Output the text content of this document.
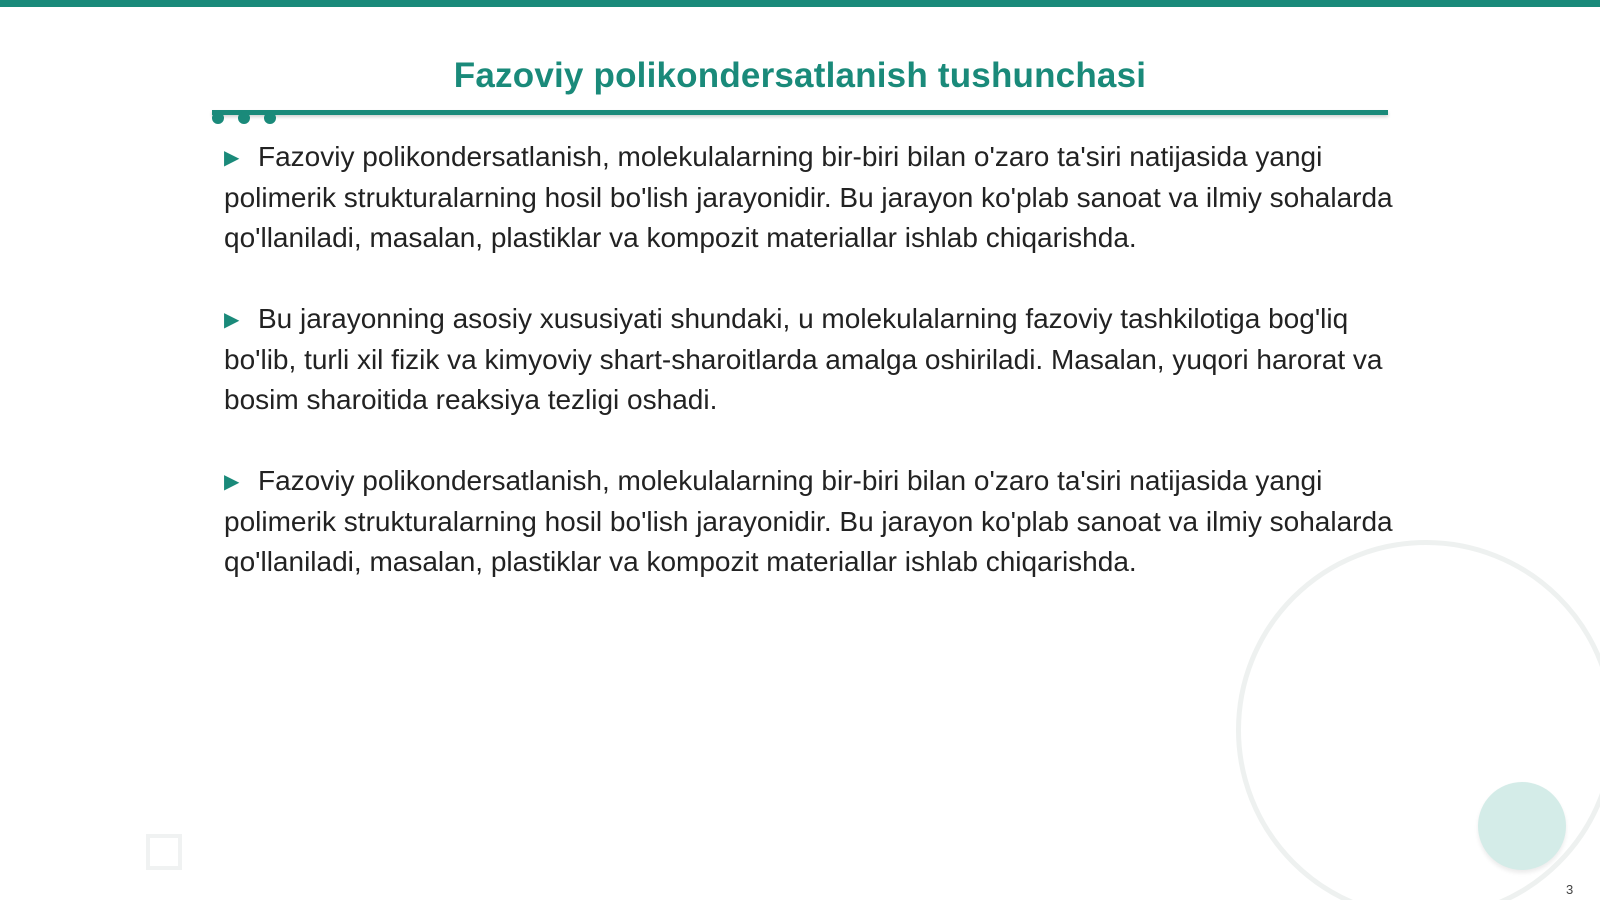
Fazoviy polikondersatlanish tushunchasi

▶ Fazoviy polikondersatlanish, molekulalarning bir-biri bilan o'zaro ta'siri natijasida yangi polimerik strukturalarning hosil bo'lish jarayonidir. Bu jarayon ko'plab sanoat va ilmiy sohalarda qo'llaniladi, masalan, plastiklar va kompozit materiallar ishlab chiqarishda.

▶ Bu jarayonning asosiy xususiyati shundaki, u molekulalarning fazoviy tashkilotiga bog'liq bo'lib, turli xil fizik va kimyoviy shart-sharoitlarda amalga oshiriladi. Masalan, yuqori harorat va bosim sharoitida reaksiya tezligi oshadi.

▶ Fazoviy polikondersatlanish, molekulalarning bir-biri bilan o'zaro ta'siri natijasida yangi polimerik strukturalarning hosil bo'lish jarayonidir. Bu jarayon ko'plab sanoat va ilmiy sohalarda qo'llaniladi, masalan, plastiklar va kompozit materiallar ishlab chiqarishda.

3
